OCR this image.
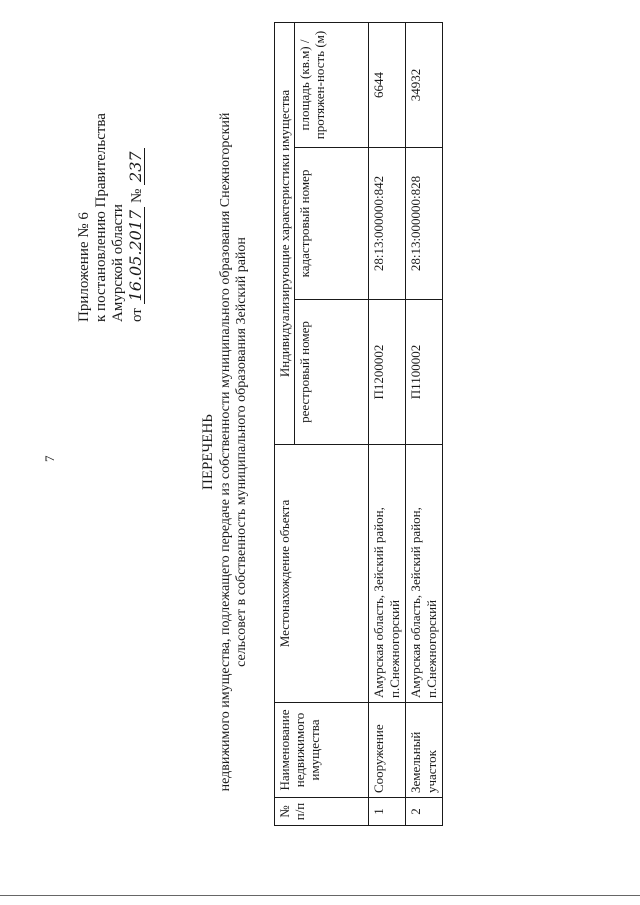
7
Приложение № 6 к постановлению Правительства Амурской области от 16.05.2017 № 237
ПЕРЕЧЕНЬ недвижимого имущества, подлежащего передаче из собственности муниципального образования Снежногорский сельсовет в собственность муниципального образования Зейский район
№ п/п	Наименование недвижимого имущества	Местонахождение объекта	Индивидуализирующие характеристики имущества		
			реестровый номер	кадастровый номер	площадь (кв.м) / протяжен-ность (м)
1	Сооружение	Амурская область, Зейский район, п.Снежногорский	П1200002	28:13:000000:842	6644
2	Земельный участок	Амурская область, Зейский район, п.Снежногорский	П1100002	28:13:000000:828	34932
